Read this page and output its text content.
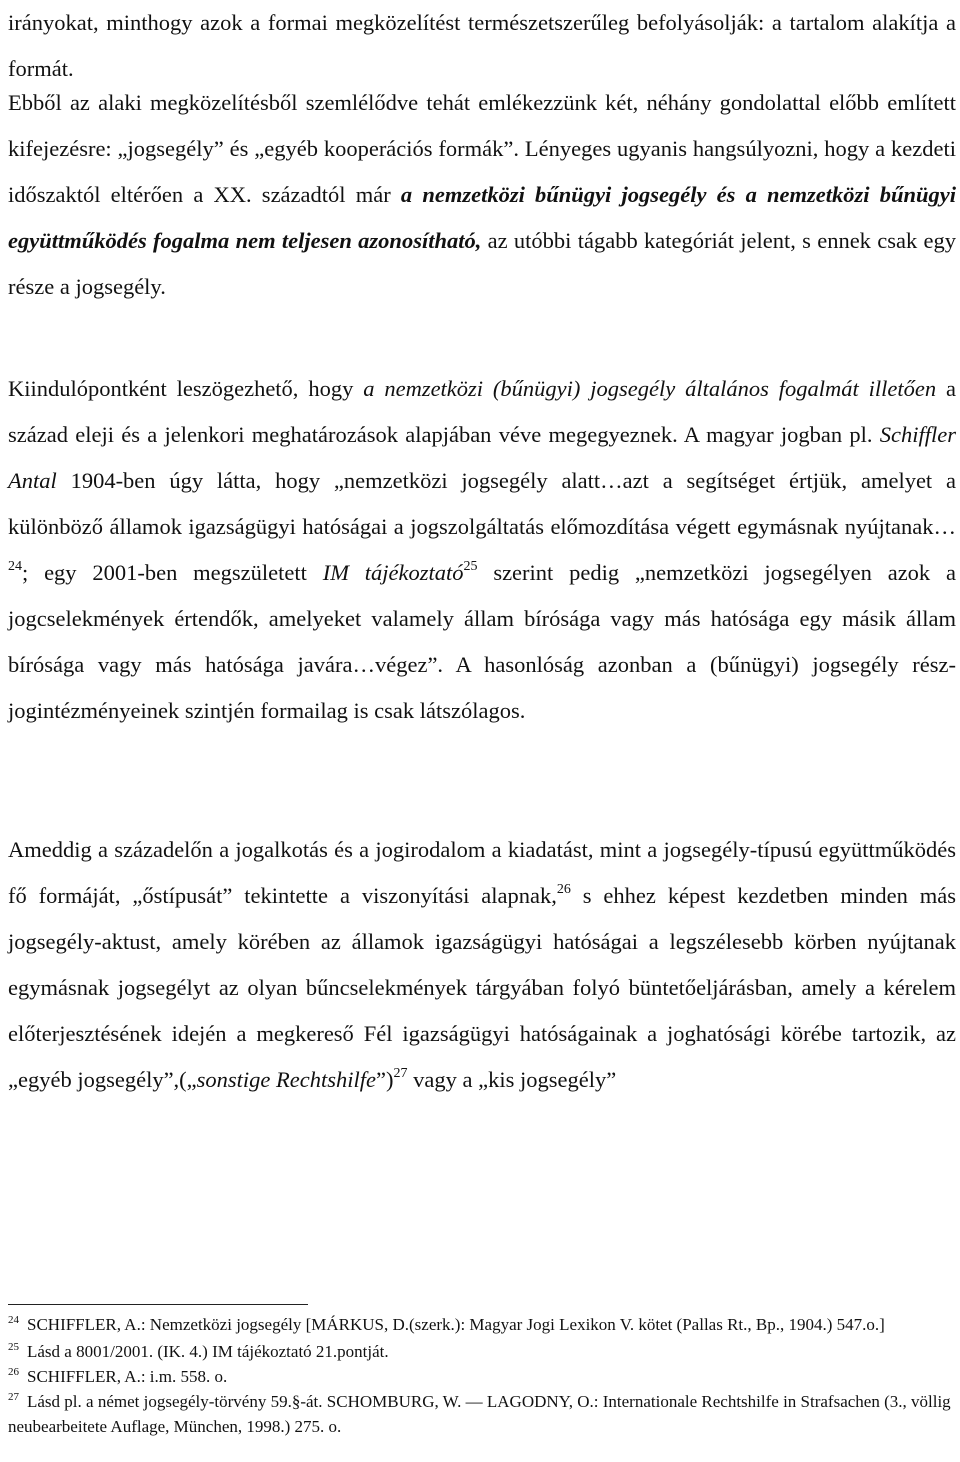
irányokat, minthogy azok a formai megközelítést természetszerűleg befolyásolják: a tartalom alakítja a formát.

Ebből az alaki megközelítésből szemlélődve tehát emlékezzünk két, néhány gondolattal előbb említett kifejezésre: „jogsegély” és „egyéb kooperációs formák”. Lényeges ugyanis hangsúlyozni, hogy a kezdeti időszaktól eltérően a XX. századtól már a nemzetközi bűnügyi jogsegély és a nemzetközi bűnügyi együttműködés fogalma nem teljesen azonosítható, az utóbbi tágabb kategóriát jelent, s ennek csak egy része a jogsegély.

Kiindulópontként leszögezhető, hogy a nemzetközi (bűnügyi) jogsegély általános fogalmát illetően a század eleji és a jelenkori meghatározások alapjában véve megegyeznek. A magyar jogban pl. Schiffler Antal 1904-ben úgy látta, hogy „nemzetközi jogsegély alatt…azt a segítséget értjük, amelyet a különböző államok igazságügyi hatóságai a jogszolgáltatás előmozdítása végett egymásnak nyújtanak… $^{24}$; egy 2001-ben megszületett IM tájékoztató$^{25}$ szerint pedig „nemzetközi jogsegélyen azok a jogcselekmények értendők, amelyeket valamely állam bírósága vagy más hatósága egy másik állam bírósága vagy más hatósága javára…végez”. A hasonlóság azonban a (bűnügyi) jogsegély rész-jogintézményeinek szintjén formailag is csak látszólagos.

Ameddig a századelőn a jogalkotás és a jogirodalom a kiadatást, mint a jogsegély-típusú együttműködés fő formáját, „őstípusát” tekintette a viszonyítási alapnak,$^{26}$ s ehhez képest kezdetben minden más jogsegély-aktust, amely körében az államok igazságügyi hatóságai a legszélesebb körben nyújtanak egymásnak jogsegélyt az olyan bűncselekmények tárgyában folyó büntetőeljárásban, amely a kérelem előterjesztésének idején a megkereső Fél igazságügyi hatóságainak a joghatósági körébe tartozik, az „egyéb jogsegély”,(„sonstige Rechtshilfe”)$^{27}$ vagy a „kis jogsegély”

$^{24}$ SCHIFFLER, A.: Nemzetközi jogsegély [MÁRKUS, D.(szerk.): Magyar Jogi Lexikon V. kötet (Pallas Rt., Bp., 1904.) 547.o.]

$^{25}$ Lásd a 8001/2001. (IK. 4.) IM tájékoztató 21.pontját.

$^{26}$ SCHIFFLER, A.: i.m. 558. o.

$^{27}$ Lásd pl. a német jogsegély-törvény 59.§-át. SCHOMBURG, W. — LAGODNY, O.: Internationale Rechtshilfe in Strafsachen (3., völlig neubearbeitete Auflage, München, 1998.) 275. o.
